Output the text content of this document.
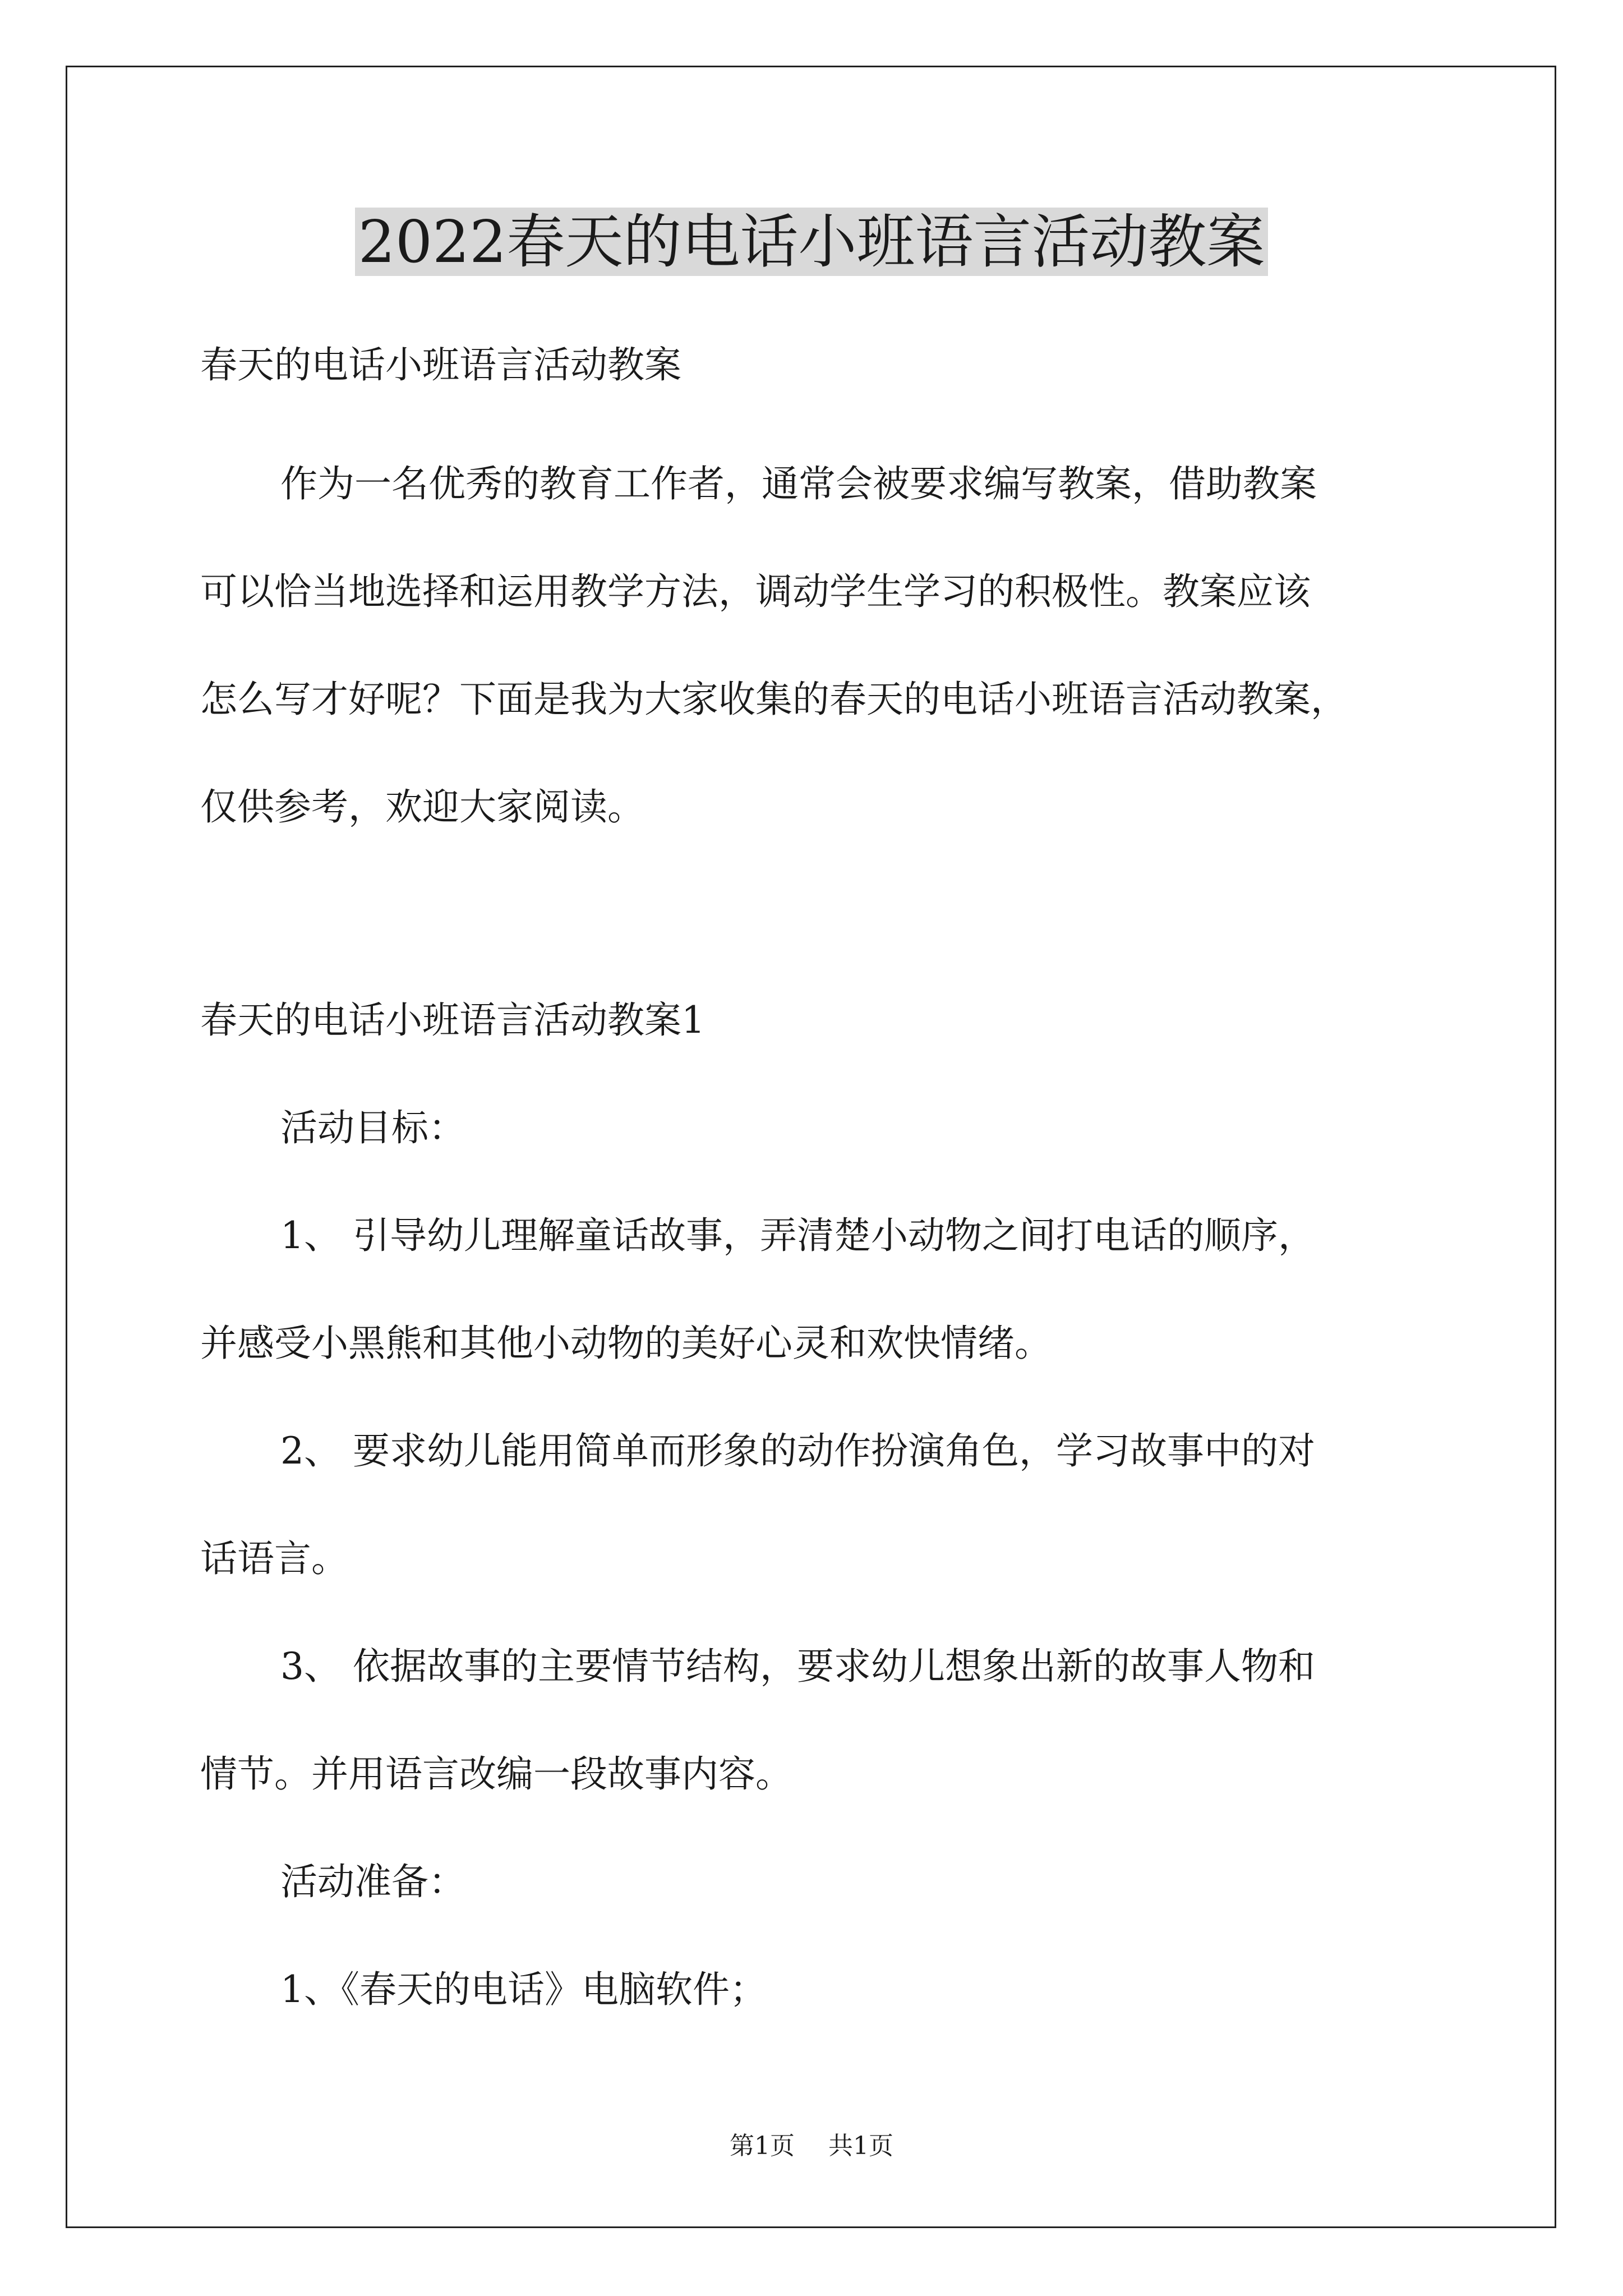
2022春天的电话小班语言活动教案

春天的电话小班语言活动教案

作为一名优秀的教育工作者，通常会被要求编写教案，借助教案

可以恰当地选择和运用教学方法，调动学生学习的积极性。教案应该

怎么写才好呢？下面是我为大家收集的春天的电话小班语言活动教案，

仅供参考，欢迎大家阅读。

春天的电话小班语言活动教案1

活动目标：

1、 引导幼儿理解童话故事，弄清楚小动物之间打电话的顺序，

并感受小黑熊和其他小动物的美好心灵和欢快情绪。

2、 要求幼儿能用简单而形象的动作扮演角色，学习故事中的对

话语言。

3、 依据故事的主要情节结构，要求幼儿想象出新的故事人物和

情节。并用语言改编一段故事内容。

活动准备：

1、《春天的电话》电脑软件；

第1页 共1页
